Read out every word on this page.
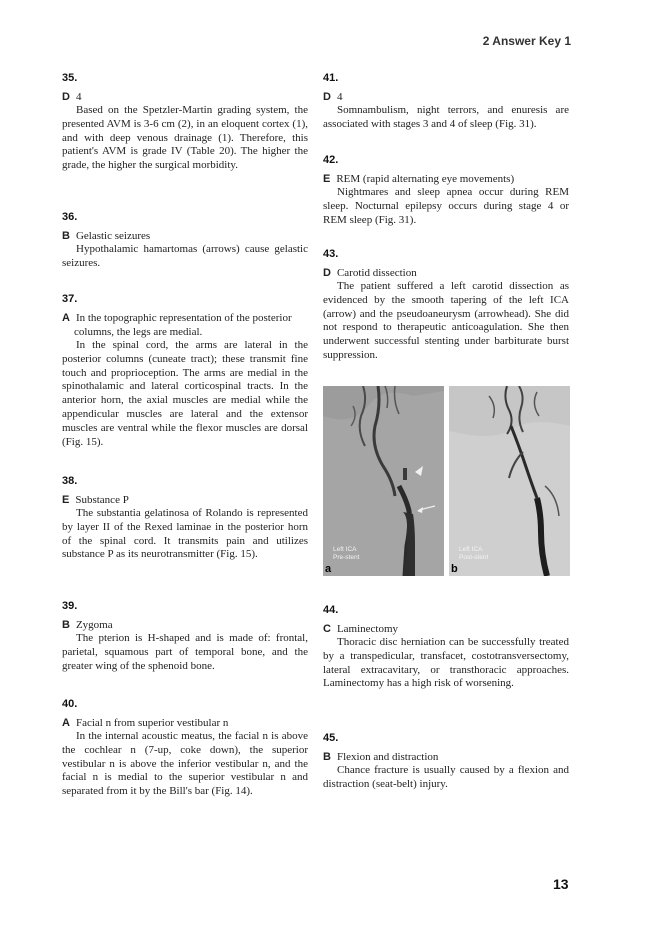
2 Answer Key 1
35.
D 4

Based on the Spetzler-Martin grading system, the presented AVM is 3-6 cm (2), in an eloquent cortex (1), and with deep venous drainage (1). Therefore, this patient's AVM is grade IV (Table 20). The higher the grade, the higher the surgical morbidity.

36.
B Gelastic seizures

Hypothalamic hamartomas (arrows) cause gelastic seizures.

37.
A In the topographic representation of the posterior columns, the legs are medial.

In the spinal cord, the arms are lateral in the posterior columns (cuneate tract); these transmit fine touch and proprioception. The arms are medial in the spinothalamic and lateral corticospinal tracts. In the anterior horn, the axial muscles are medial while the appendicular muscles are lateral and the extensor muscles are ventral while the flexor muscles are dorsal (Fig. 15).

38.
E Substance P

The substantia gelatinosa of Rolando is represented by layer II of the Rexed laminae in the posterior horn of the spinal cord. It transmits pain and utilizes substance P as its neurotransmitter (Fig. 15).

39.
B Zygoma

The pterion is H-shaped and is made of: frontal, parietal, squamous part of temporal bone, and the greater wing of the sphenoid bone.

40.
A Facial n from superior vestibular n

In the internal acoustic meatus, the facial n is above the cochlear n (7-up, coke down), the superior vestibular n is above the inferior vestibular n, and the facial n is medial to the superior vestibular n and separated from it by the Bill's bar (Fig. 14).

41.
D 4

Somnambulism, night terrors, and enuresis are associated with stages 3 and 4 of sleep (Fig. 31).

42.
E REM (rapid alternating eye movements)

Nightmares and sleep apnea occur during REM sleep. Nocturnal epilepsy occurs during stage 4 or REM sleep (Fig. 31).

43.
D Carotid dissection

The patient suffered a left carotid dissection as evidenced by the smooth tapering of the left ICA (arrow) and the pseudoaneurysm (arrowhead). She did not respond to therapeutic anticoagulation. She then underwent successful stenting under barbiturate burst suppression.

Left ICA
Pre-stent
a
Left ICA
Post-stent
b
44.
C Laminectomy

Thoracic disc herniation can be successfully treated by a transpedicular, transfacet, costotransversectomy, lateral extracavitary, or transthoracic approaches. Laminectomy has a high risk of worsening.

45.
B Flexion and distraction

Chance fracture is usually caused by a flexion and distraction (seat-belt) injury.

13
